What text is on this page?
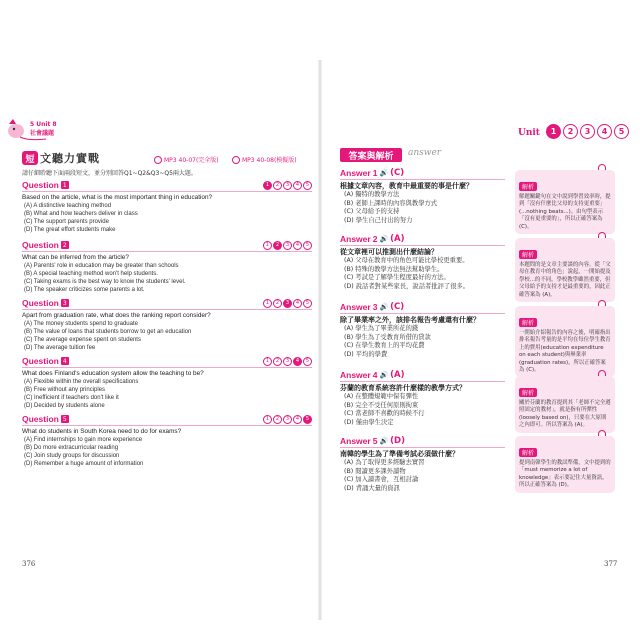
5 Unit 8
社會議題	Unit	1	2	3	4	5
短 文聽力實戰	MP3 40-07(完全版)	MP3 40-08(模擬版)
請仔細聆聽下面兩段短文，並分別回答Q1~Q2&Q3~Q5兩大題。
Question 1	1	2	3	4	5
Based on the article, what is the most important thing in education?
(A) A distinctive teaching method
(B) What and how teachers deliver in class
(C) The support parents provide
(D) The great effort students make
Question 2	1	2	3	4	5
What can be inferred from the article?
(A) Parents' role in education may be greater than schools
(B) A special teaching method won't help students.
(C) Taking exams is the best way to know the students' level.
(D) The speaker criticizes some parents a lot.
Question 3	1	2	3	4	5
Apart from graduation rate, what does the ranking report consider?
(A) The money students spend to graduate
(B) The value of loans that students borrow to get an education
(C) The average expense spent on students
(D) The average tuition fee
Question 4	1	2	3	4	5
What does Finland's education system allow the teaching to be?
(A) Flexible within the overall specifications
(B) Free without any principles
(C) Inefficient if teachers don't like it
(D) Decided by students alone
Question 5	1	2	3	4	5
What do students in South Korea need to do for exams?
(A) Find internships to gain more experience
(B) Do more extracurricular reading
(C) Join study groups for discussion
(D) Remember a huge amount of information
376
答案與解析	answer
Answer 1 🔊 (C)
根據文章內容，教育中最重要的事是什麼？
(A) 獨特的教學方法
(B) 老師上課時的內容與教學方式
(C) 父母給予的支持
(D) 學生自己付出的努力
Answer 2 🔊 (A)
從文章裡可以推測出什麼結論？
(A) 父母在教育中的角色可能比學校更重要。
(B) 特殊的教學方法無法幫助學生。
(C) 考試是了解學生程度最好的方法。
(D) 說話者對某些家長，說話者批評了很多。
Answer 3 🔊 (C)
除了畢業率之外，該排名報告考慮還有什麼？
(A) 學生為了畢業所花的錢
(B) 學生為了受教育所借的貸款
(C) 在學生教育上的平均花費
(D) 平均的學費
Answer 4 🔊 (A)
芬蘭的教育系統容許什麼樣的教學方式？
(A) 在整體規範中保有彈性
(B) 完全不受任何原則拘束
(C) 當老師不喜歡的時候不行
(D) 僅由學生決定
Answer 5 🔊 (D)
南韓的學生為了準備考試必須做什麼？
(A) 為了取得更多經驗去實習
(B) 閱讀更多課外讀物
(C) 加入讀書會，互相討論
(D) 背誦大量的資訊
解析
解題關鍵句在文中說到學習效率時，提到「沒有什麼比父母的支持更重要」(...nothing beats...)。由句型表示「沒有更重要的」，所以正確答案為 (C)。
解析
本題問的是文章主要談的內容。從「父母在教育中的角色」說起，一開始提及學校...的不同，學校教學雖然重要，但父母給予的支持才是最重要的，因此正確答案為 (A)。
解析
一開始介紹報告的內容之後，明確指出排名報告考量的是平均在每位學生教育上的費用(education expenditure on each student)與畢業率(graduation rates)，所以正確答案為 (C)。
解析
關於芬蘭的教育提到其「老師不完全遵照固定的教材」，就是指有所彈性(loosely based on)，只要在大原則之內即可。所以答案為 (A)。
解析
提到南韓學生的教試準備，文中提到的「must memorize a lot of knowledge」表示要記住大量資訊，所以正確答案為 (D)。
377
